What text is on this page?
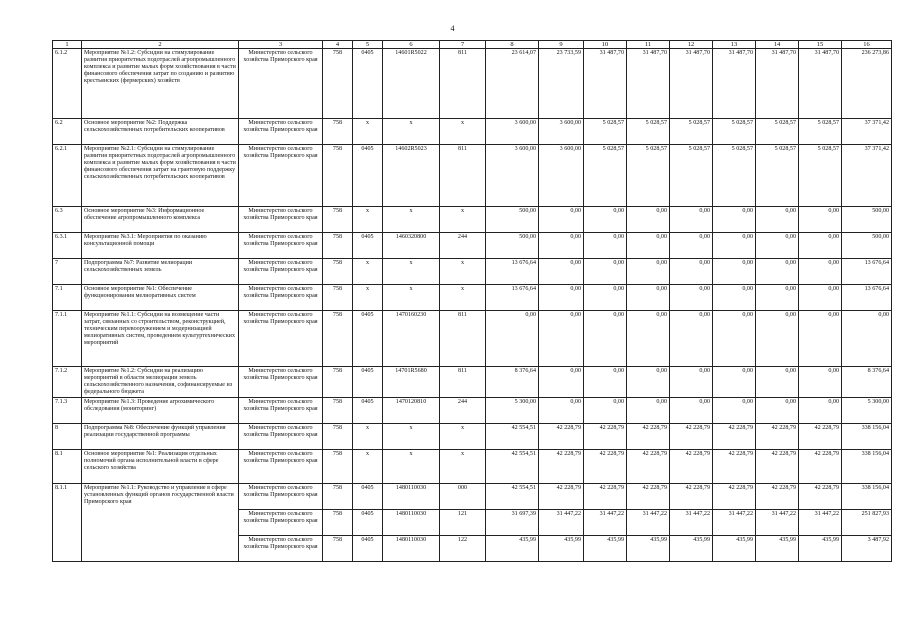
4
1	2	3	4	5	6	7	8	9	10	11	12	13	14	15	16
6.1.2	Мероприятие №1.2: Субсидии на стимулирование развития приоритетных подотраслей агропромышленного комплекса и развитие малых форм хозяйствования в части финансового обеспечения затрат по созданию и развитию крестьянских (фермерских) хозяйств	Министерство сельского хозяйства Приморского края	758	0405	14601R5022	811	23 614,07	23 733,59	31 487,70	31 487,70	31 487,70	31 487,70	31 487,70	31 487,70	236 273,86
6.2	Основное мероприятие №2: Поддержка сельскохозяйственных потребительских кооперативов	Министерство сельского хозяйства Приморского края	758	x	x	x	3 600,00	3 600,00	5 028,57	5 028,57	5 028,57	5 028,57	5 028,57	5 028,57	37 371,42
6.2.1	Мероприятие №2.1: Субсидии на стимулирование развития приоритетных подотраслей агропромышленного комплекса и развитие малых форм хозяйствования в части финансового обеспечения затрат на грантовую поддержку сельскохозяйственных потребительских кооперативов	Министерство сельского хозяйства Приморского края	758	0405	14602R5023	811	3 600,00	3 600,00	5 028,57	5 028,57	5 028,57	5 028,57	5 028,57	5 028,57	37 371,42
6.3	Основное мероприятие №3: Информационное обеспечение агропромышленного комплекса	Министерство сельского хозяйства Приморского края	758	x	x	x	500,00	0,00	0,00	0,00	0,00	0,00	0,00	0,00	500,00
6.3.1	Мероприятие №3.1: Мероприятия по оказанию консультационной помощи	Министерство сельского хозяйства Приморского края	758	0405	1460320800	244	500,00	0,00	0,00	0,00	0,00	0,00	0,00	0,00	500,00
7	Подпрограмма №7: Развитие мелиорации сельскохозяйственных земель	Министерство сельского хозяйства Приморского края	758	x	x	x	13 676,64	0,00	0,00	0,00	0,00	0,00	0,00	0,00	13 676,64
7.1	Основное мероприятие №1: Обеспечение функционирования мелиоративных систем	Министерство сельского хозяйства Приморского края	758	x	x	x	13 676,64	0,00	0,00	0,00	0,00	0,00	0,00	0,00	13 676,64
7.1.1	Мероприятие №1.1: Субсидии на возмещение части затрат, связанных со строительством, реконструкцией, техническим перевооружением и модернизацией мелиоративных систем, проведением культуртехнических мероприятий	Министерство сельского хозяйства Приморского края	758	0405	1470160230	811	0,00	0,00	0,00	0,00	0,00	0,00	0,00	0,00	0,00
7.1.2	Мероприятие №1.2: Субсидии на реализацию мероприятий в области мелиорации земель сельскохозяйственного назначения, софинансируемые из федерального бюджета	Министерство сельского хозяйства Приморского края	758	0405	14701R5680	811	8 376,64	0,00	0,00	0,00	0,00	0,00	0,00	0,00	8 376,64
7.1.3	Мероприятие №1.3: Проведение агрохимического обследования (мониторинг)	Министерство сельского хозяйства Приморского края	758	0405	1470120810	244	5 300,00	0,00	0,00	0,00	0,00	0,00	0,00	0,00	5 300,00
8	Подпрограмма №8: Обеспечение функций управления реализации государственной программы	Министерство сельского хозяйства Приморского края	758	x	x	x	42 554,51	42 228,79	42 228,79	42 228,79	42 228,79	42 228,79	42 228,79	42 228,79	338 156,04
8.1	Основное мероприятие №1: Реализация отдельных полномочий органа исполнительной власти в сфере сельского хозяйства	Министерство сельского хозяйства Приморского края	758	x	x	x	42 554,51	42 228,79	42 228,79	42 228,79	42 228,79	42 228,79	42 228,79	42 228,79	338 156,04
8.1.1	Мероприятие №1.1: Руководство и управление в сфере установленных функций органов государственной власти Приморского края	Министерство сельского хозяйства Приморского края	758	0405	1480110030	000	42 554,51	42 228,79	42 228,79	42 228,79	42 228,79	42 228,79	42 228,79	42 228,79	338 156,04
		Министерство сельского хозяйства Приморского края	758	0405	1480110030	121	31 697,39	31 447,22	31 447,22	31 447,22	31 447,22	31 447,22	31 447,22	31 447,22	251 827,93
		Министерство сельского хозяйства Приморского края	758	0405	1480110030	122	435,99	435,99	435,99	435,99	435,99	435,99	435,99	435,99	3 487,92
